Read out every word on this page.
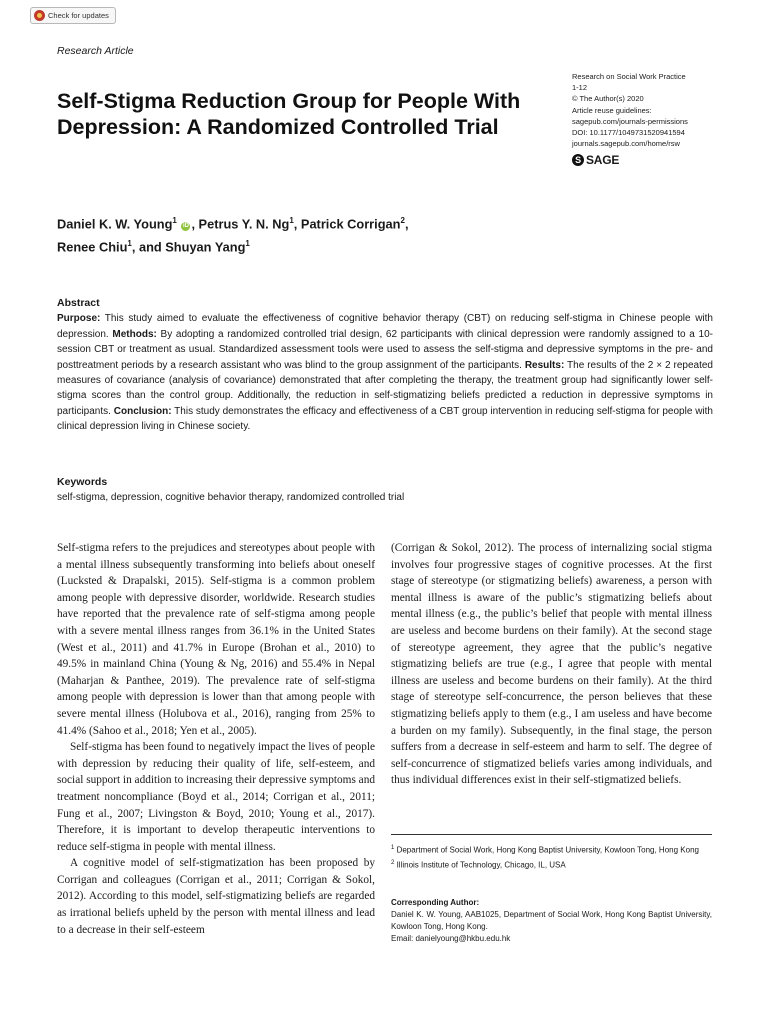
Check for updates
Research Article
Self-Stigma Reduction Group for People With Depression: A Randomized Controlled Trial
Research on Social Work Practice
1-12
© The Author(s) 2020
Article reuse guidelines:
sagepub.com/journals-permissions
DOI: 10.1177/1049731520941594
journals.sagepub.com/home/rsw
S SAGE
Daniel K. W. Young$^1$ iD , Petrus Y. N. Ng$^1$, Patrick Corrigan$^2$,
Renee Chiu$^1$, and Shuyan Yang$^1$
Abstract
Purpose: This study aimed to evaluate the effectiveness of cognitive behavior therapy (CBT) on reducing self-stigma in Chinese people with depression. Methods: By adopting a randomized controlled trial design, 62 participants with clinical depression were randomly assigned to a 10-session CBT or treatment as usual. Standardized assessment tools were used to assess the self-stigma and depressive symptoms in the pre- and posttreatment periods by a research assistant who was blind to the group assignment of the participants. Results: The results of the 2 × 2 repeated measures of covariance (analysis of covariance) demonstrated that after completing the therapy, the treatment group had significantly lower self-stigma scores than the control group. Additionally, the reduction in self-stigmatizing beliefs predicted a reduction in depressive symptoms in participants. Conclusion: This study demonstrates the efficacy and effectiveness of a CBT group intervention in reducing self-stigma for people with clinical depression living in Chinese society.
Keywords
self-stigma, depression, cognitive behavior therapy, randomized controlled trial

Self-stigma refers to the prejudices and stereotypes about people with a mental illness subsequently transforming into beliefs about oneself (Lucksted & Drapalski, 2015). Self-stigma is a common problem among people with depressive disorder, worldwide. Research studies have reported that the prevalence rate of self-stigma among people with a severe mental illness ranges from 36.1% in the United States (West et al., 2011) and 41.7% in Europe (Brohan et al., 2010) to 49.5% in mainland China (Young & Ng, 2016) and 55.4% in Nepal (Maharjan & Panthee, 2019). The prevalence rate of self-stigma among people with depression is lower than that among people with severe mental illness (Holubova et al., 2016), ranging from 25% to 41.4% (Sahoo et al., 2018; Yen et al., 2005).

Self-stigma has been found to negatively impact the lives of people with depression by reducing their quality of life, self-esteem, and social support in addition to increasing their depressive symptoms and treatment noncompliance (Boyd et al., 2014; Corrigan et al., 2011; Fung et al., 2007; Livingston & Boyd, 2010; Young et al., 2017). Therefore, it is important to develop therapeutic interventions to reduce self-stigma in people with mental illness.

A cognitive model of self-stigmatization has been proposed by Corrigan and colleagues (Corrigan et al., 2011; Corrigan & Sokol, 2012). According to this model, self-stigmatizing beliefs are regarded as irrational beliefs upheld by the person with mental illness and lead to a decrease in their self-esteem

(Corrigan & Sokol, 2012). The process of internalizing social stigma involves four progressive stages of cognitive processes. At the first stage of stereotype (or stigmatizing beliefs) awareness, a person with mental illness is aware of the public’s stigmatizing beliefs about mental illness (e.g., the public’s belief that people with mental illness are useless and become burdens on their family). At the second stage of stereotype agreement, they agree that the public’s negative stigmatizing beliefs are true (e.g., I agree that people with mental illness are useless and become burdens on their family). At the third stage of stereotype self-concurrence, the person believes that these stigmatizing beliefs apply to them (e.g., I am useless and have become a burden on my family). Subsequently, in the final stage, the person suffers from a decrease in self-esteem and harm to self. The degree of self-concurrence of stigmatized beliefs varies among individuals, and thus individual differences exist in their self-stigmatized beliefs.

$^1$ Department of Social Work, Hong Kong Baptist University, Kowloon Tong, Hong Kong
$^2$ Illinois Institute of Technology, Chicago, IL, USA
Corresponding Author:
Daniel K. W. Young, AAB1025, Department of Social Work, Hong Kong Baptist University, Kowloon Tong, Hong Kong.
Email: danielyoung@hkbu.edu.hk
